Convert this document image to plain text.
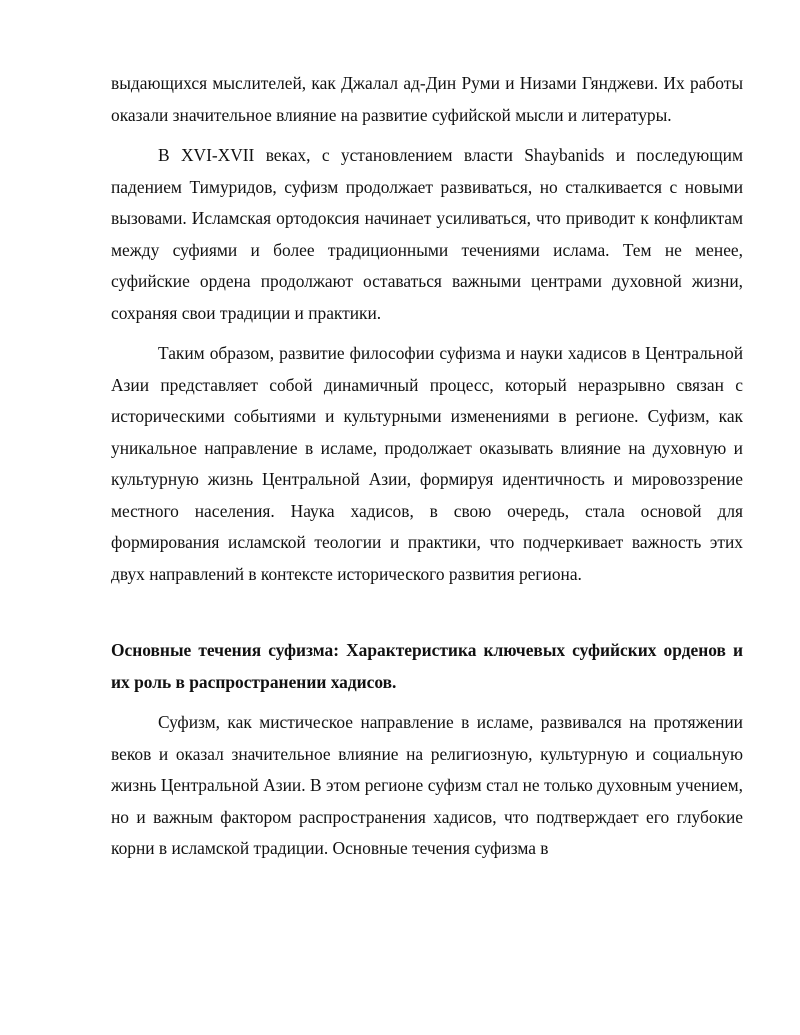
выдающихся мыслителей, как Джалал ад-Дин Руми и Низами Гянджеви. Их работы оказали значительное влияние на развитие суфийской мысли и литературы.

В XVI-XVII веках, с установлением власти Shaybanids и последующим падением Тимуридов, суфизм продолжает развиваться, но сталкивается с новыми вызовами. Исламская ортодоксия начинает усиливаться, что приводит к конфликтам между суфиями и более традиционными течениями ислама. Тем не менее, суфийские ордена продолжают оставаться важными центрами духовной жизни, сохраняя свои традиции и практики.

Таким образом, развитие философии суфизма и науки хадисов в Центральной Азии представляет собой динамичный процесс, который неразрывно связан с историческими событиями и культурными изменениями в регионе. Суфизм, как уникальное направление в исламе, продолжает оказывать влияние на духовную и культурную жизнь Центральной Азии, формируя идентичность и мировоззрение местного населения. Наука хадисов, в свою очередь, стала основой для формирования исламской теологии и практики, что подчеркивает важность этих двух направлений в контексте исторического развития региона.

Основные течения суфизма: Характеристика ключевых суфийских орденов и их роль в распространении хадисов.

Суфизм, как мистическое направление в исламе, развивался на протяжении веков и оказал значительное влияние на религиозную, культурную и социальную жизнь Центральной Азии. В этом регионе суфизм стал не только духовным учением, но и важным фактором распространения хадисов, что подтверждает его глубокие корни в исламской традиции. Основные течения суфизма в
